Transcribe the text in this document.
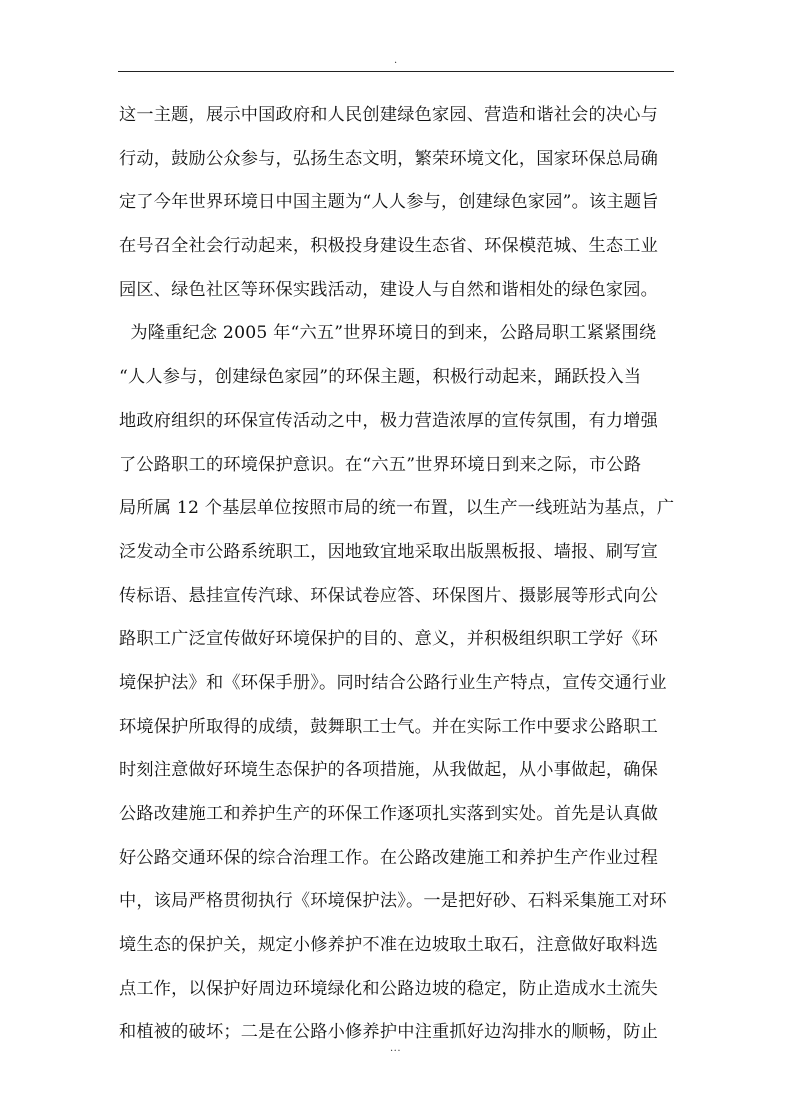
.
这一主题，展示中国政府和人民创建绿色家园、营造和谐社会的决心与
行动，鼓励公众参与，弘扬生态文明，繁荣环境文化，国家环保总局确
定了今年世界环境日中国主题为“人人参与，创建绿色家园”。该主题旨
在号召全社会行动起来，积极投身建设生态省、环保模范城、生态工业
园区、绿色社区等环保实践活动，建设人与自然和谐相处的绿色家园。
为隆重纪念 2005 年“六五”世界环境日的到来，公路局职工紧紧围绕
“人人参与，创建绿色家园”的环保主题，积极行动起来，踊跃投入当
地政府组织的环保宣传活动之中，极力营造浓厚的宣传氛围，有力增强
了公路职工的环境保护意识。在“六五”世界环境日到来之际，市公路
局所属 12 个基层单位按照市局的统一布置，以生产一线班站为基点，广
泛发动全市公路系统职工，因地致宜地采取出版黑板报、墙报、刷写宣
传标语、悬挂宣传汽球、环保试卷应答、环保图片、摄影展等形式向公
路职工广泛宣传做好环境保护的目的、意义，并积极组织职工学好《环
境保护法》和《环保手册》。同时结合公路行业生产特点，宣传交通行业
环境保护所取得的成绩，鼓舞职工士气。并在实际工作中要求公路职工
时刻注意做好环境生态保护的各项措施，从我做起，从小事做起，确保
公路改建施工和养护生产的环保工作逐项扎实落到实处。首先是认真做
好公路交通环保的综合治理工作。在公路改建施工和养护生产作业过程
中，该局严格贯彻执行《环境保护法》。一是把好砂、石料采集施工对环
境生态的保护关，规定小修养护不准在边坡取土取石，注意做好取料选
点工作，以保护好周边环境绿化和公路边坡的稳定，防止造成水土流失
和植被的破坏；二是在公路小修养护中注重抓好边沟排水的顺畅，防止
...
